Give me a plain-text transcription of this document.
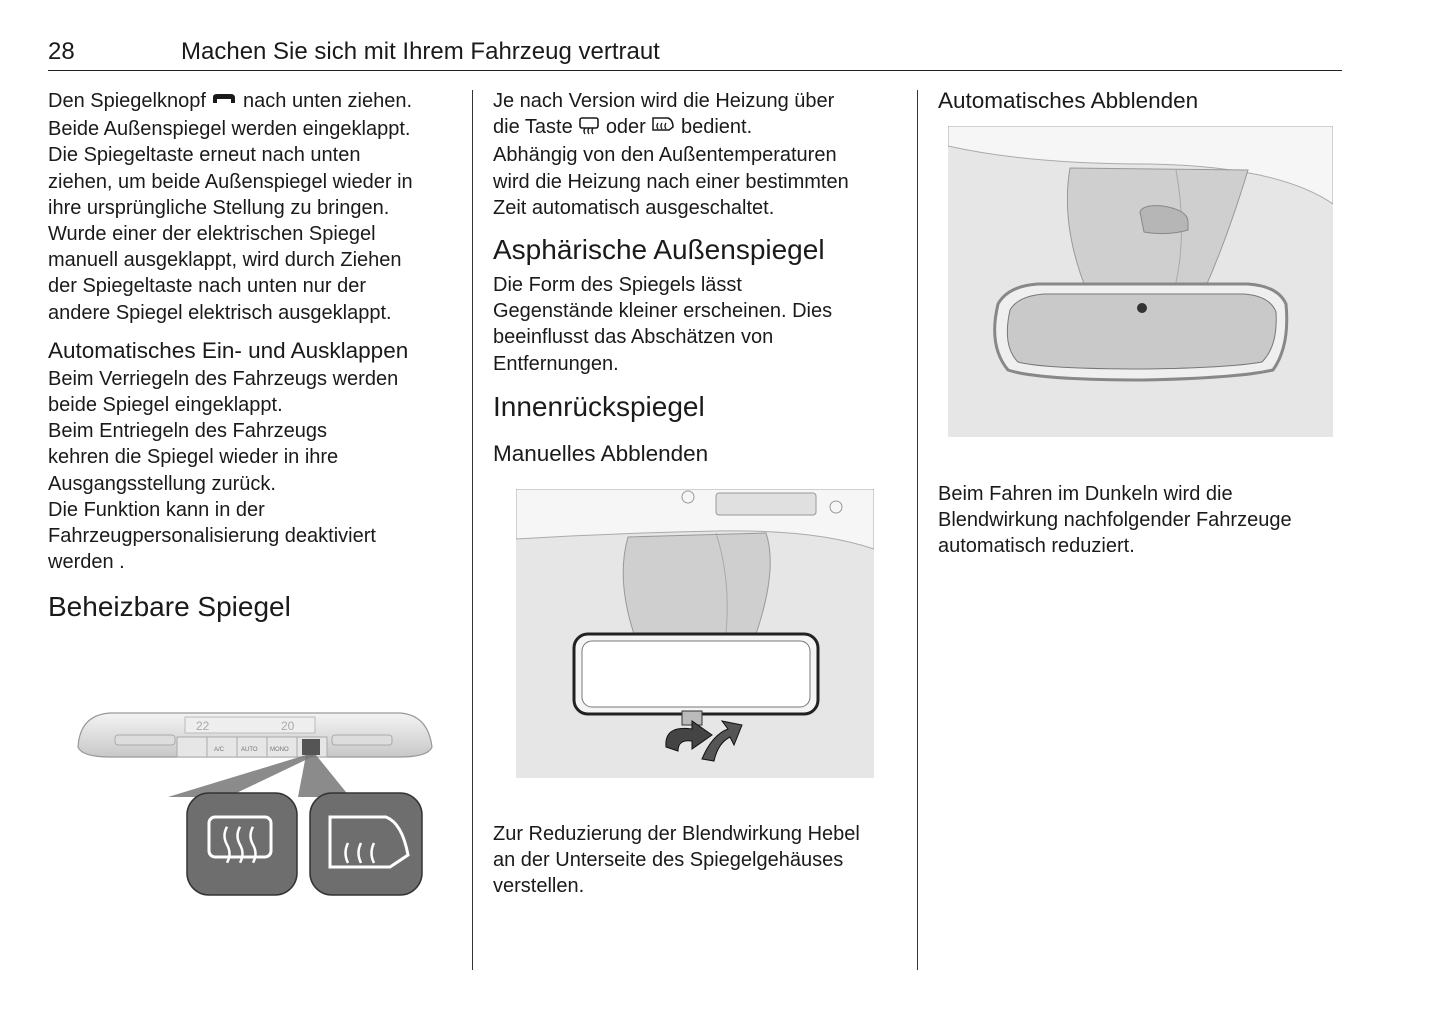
28	Machen Sie sich mit Ihrem Fahrzeug vertraut

Den Spiegelknopf nach unten ziehen.
Beide Außenspiegel werden eingeklappt.
Die Spiegeltaste erneut nach unten
ziehen, um beide Außenspiegel wieder in
ihre ursprüngliche Stellung zu bringen.
Wurde einer der elektrischen Spiegel
manuell ausgeklappt, wird durch Ziehen
der Spiegeltaste nach unten nur der
andere Spiegel elektrisch ausgeklappt.

Automatisches Ein- und Ausklappen

Beim Verriegeln des Fahrzeugs werden
beide Spiegel eingeklappt.
Beim Entriegeln des Fahrzeugs
kehren die Spiegel wieder in ihre
Ausgangsstellung zurück.
Die Funktion kann in der
Fahrzeugpersonalisierung deaktiviert
werden .

Beheizbare Spiegel
22	20
A/C	AUTO MONO

Je nach Version wird die Heizung über
die Taste oder bedient.
Abhängig von den Außentemperaturen
wird die Heizung nach einer bestimmten
Zeit automatisch ausgeschaltet.

Asphärische Außenspiegel

Die Form des Spiegels lässt
Gegenstände kleiner erscheinen. Dies
beeinflusst das Abschätzen von
Entfernungen.

Innenrückspiegel
Manuelles Abblenden

Zur Reduzierung der Blendwirkung Hebel
an der Unterseite des Spiegelgehäuses
verstellen.

Automatisches Abblenden

Beim Fahren im Dunkeln wird die
Blendwirkung nachfolgender Fahrzeuge
automatisch reduziert.
